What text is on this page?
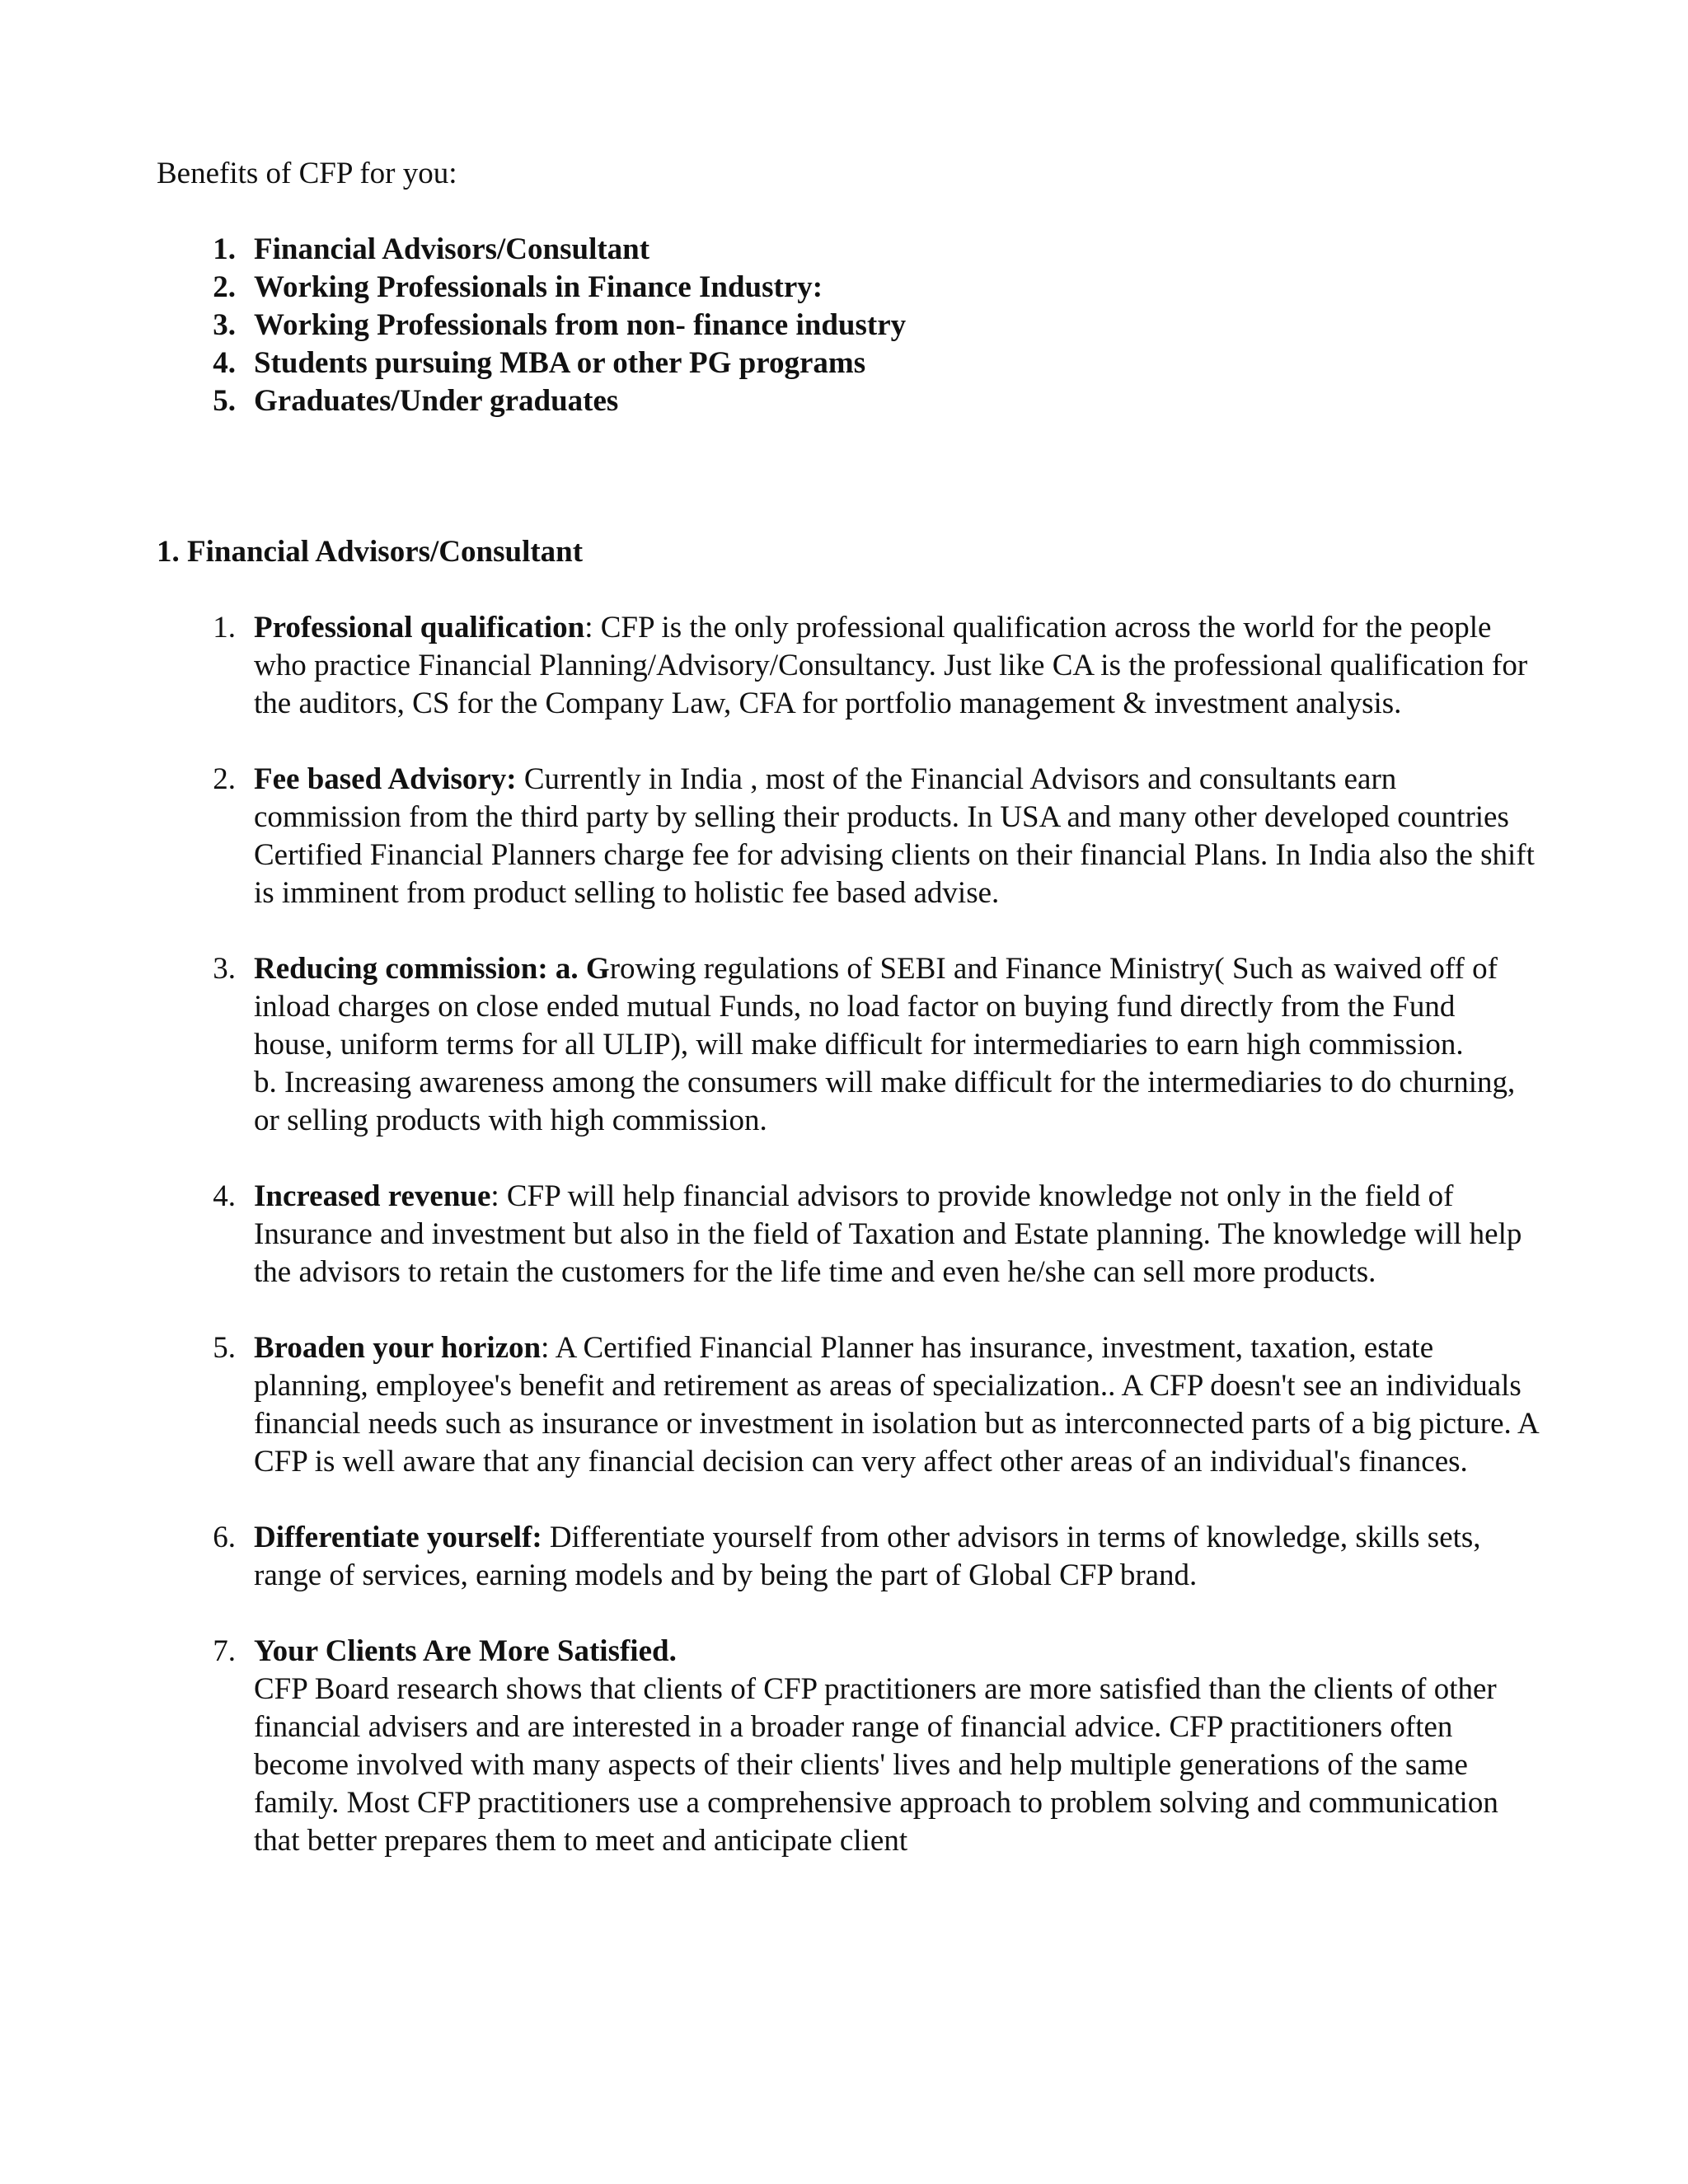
Benefits of CFP for you:

1. Financial Advisors/Consultant
2. Working Professionals in Finance Industry:
3. Working Professionals from non- finance industry
4. Students pursuing MBA or other PG programs
5. Graduates/Under graduates
1. Financial Advisors/Consultant
1. Professional qualification: CFP is the only professional qualification across the world for the people who practice Financial Planning/Advisory/Consultancy. Just like CA is the professional qualification for the auditors, CS for the Company Law, CFA for portfolio management & investment analysis.
2. Fee based Advisory: Currently in India , most of the Financial Advisors and consultants earn commission from the third party by selling their products. In USA and many other developed countries Certified Financial Planners charge fee for advising clients on their financial Plans. In India also the shift is imminent from product selling to holistic fee based advise.
3. Reducing commission: a. Growing regulations of SEBI and Finance Ministry( Such as waived off of inload charges on close ended mutual Funds, no load factor on buying fund directly from the Fund house, uniform terms for all ULIP), will make difficult for intermediaries to earn high commission.
b. Increasing awareness among the consumers will make difficult for the intermediaries to do churning, or selling products with high commission.
4. Increased revenue: CFP will help financial advisors to provide knowledge not only in the field of Insurance and investment but also in the field of Taxation and Estate planning. The knowledge will help the advisors to retain the customers for the life time and even he/she can sell more products.
5. Broaden your horizon: A Certified Financial Planner has insurance, investment, taxation, estate planning, employee's benefit and retirement as areas of specialization.. A CFP doesn't see an individuals financial needs such as insurance or investment in isolation but as interconnected parts of a big picture. A CFP is well aware that any financial decision can very affect other areas of an individual's finances.
6. Differentiate yourself: Differentiate yourself from other advisors in terms of knowledge, skills sets, range of services, earning models and by being the part of Global CFP brand.
7. Your Clients Are More Satisfied.
CFP Board research shows that clients of CFP practitioners are more satisfied than the clients of other financial advisers and are interested in a broader range of financial advice. CFP practitioners often become involved with many aspects of their clients' lives and help multiple generations of the same family. Most CFP practitioners use a comprehensive approach to problem solving and communication that better prepares them to meet and anticipate client
